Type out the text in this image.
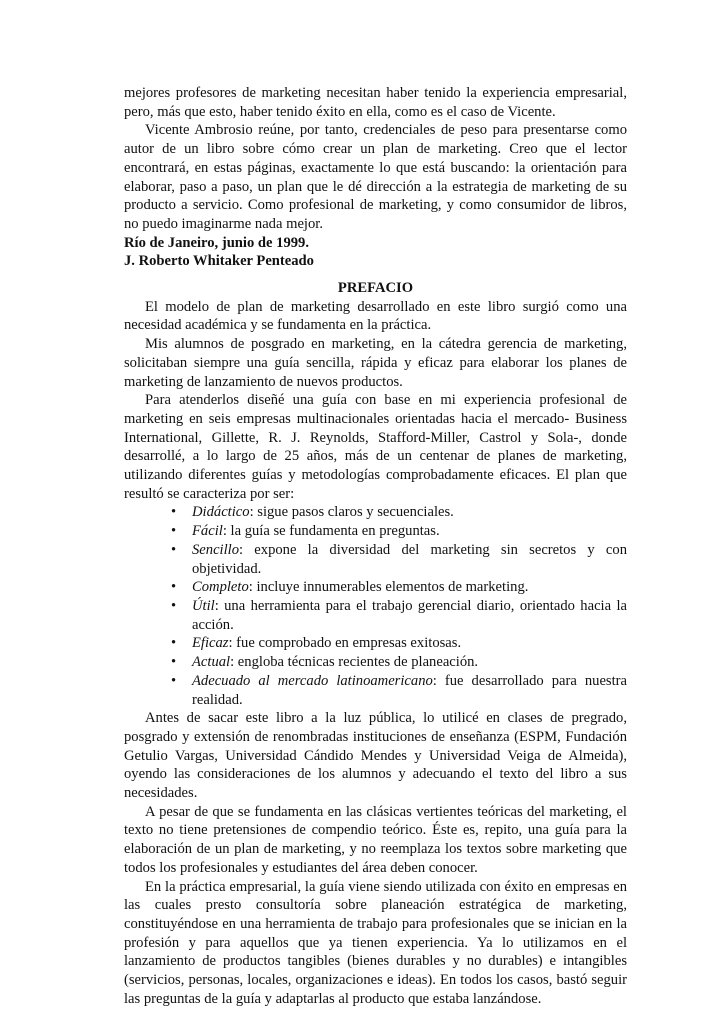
mejores profesores de marketing necesitan haber tenido la experiencia empresarial, pero, más que esto, haber tenido éxito en ella, como es el caso de Vicente.

Vicente Ambrosio reúne, por tanto, credenciales de peso para presentarse como autor de un libro sobre cómo crear un plan de marketing. Creo que el lector encontrará, en estas páginas, exactamente lo que está buscando: la orientación para elaborar, paso a paso, un plan que le dé dirección a la estrategia de marketing de su producto a servicio. Como profesional de marketing, y como consumidor de libros, no puedo imaginarme nada mejor.

Río de Janeiro, junio de 1999.

J. Roberto Whitaker Penteado

PREFACIO

El modelo de plan de marketing desarrollado en este libro surgió como una necesidad académica y se fundamenta en la práctica.

Mis alumnos de posgrado en marketing, en la cátedra gerencia de marketing, solicitaban siempre una guía sencilla, rápida y eficaz para elaborar los planes de marketing de lanzamiento de nuevos productos.

Para atenderlos diseñé una guía con base en mi experiencia profesional de marketing en seis empresas multinacionales orientadas hacia el mercado- Business International, Gillette, R. J. Reynolds, Stafford-Miller, Castrol y Sola-, donde desarrollé, a lo largo de 25 años, más de un centenar de planes de marketing, utilizando diferentes guías y metodologías comprobadamente eficaces. El plan que resultó se caracteriza por ser:

• Didáctico: sigue pasos claros y secuenciales.
• Fácil: la guía se fundamenta en preguntas.
• Sencillo: expone la diversidad del marketing sin secretos y con objetividad.
• Completo: incluye innumerables elementos de marketing.
• Útil: una herramienta para el trabajo gerencial diario, orientado hacia la acción.
• Eficaz: fue comprobado en empresas exitosas.
• Actual: engloba técnicas recientes de planeación.
• Adecuado al mercado latinoamericano: fue desarrollado para nuestra realidad.

Antes de sacar este libro a la luz pública, lo utilicé en clases de pregrado, posgrado y extensión de renombradas instituciones de enseñanza (ESPM, Fundación Getulio Vargas, Universidad Cándido Mendes y Universidad Veiga de Almeida), oyendo las consideraciones de los alumnos y adecuando el texto del libro a sus necesidades.

A pesar de que se fundamenta en las clásicas vertientes teóricas del marketing, el texto no tiene pretensiones de compendio teórico. Éste es, repito, una guía para la elaboración de un plan de marketing, y no reemplaza los textos sobre marketing que todos los profesionales y estudiantes del área deben conocer.

En la práctica empresarial, la guía viene siendo utilizada con éxito en empresas en las cuales presto consultoría sobre planeación estratégica de marketing, constituyéndose en una herramienta de trabajo para profesionales que se inician en la profesión y para aquellos que ya tienen experiencia. Ya lo utilizamos en el lanzamiento de productos tangibles (bienes durables y no durables) e intangibles (servicios, personas, locales, organizaciones e ideas). En todos los casos, bastó seguir las preguntas de la guía y adaptarlas al producto que estaba lanzándose.
